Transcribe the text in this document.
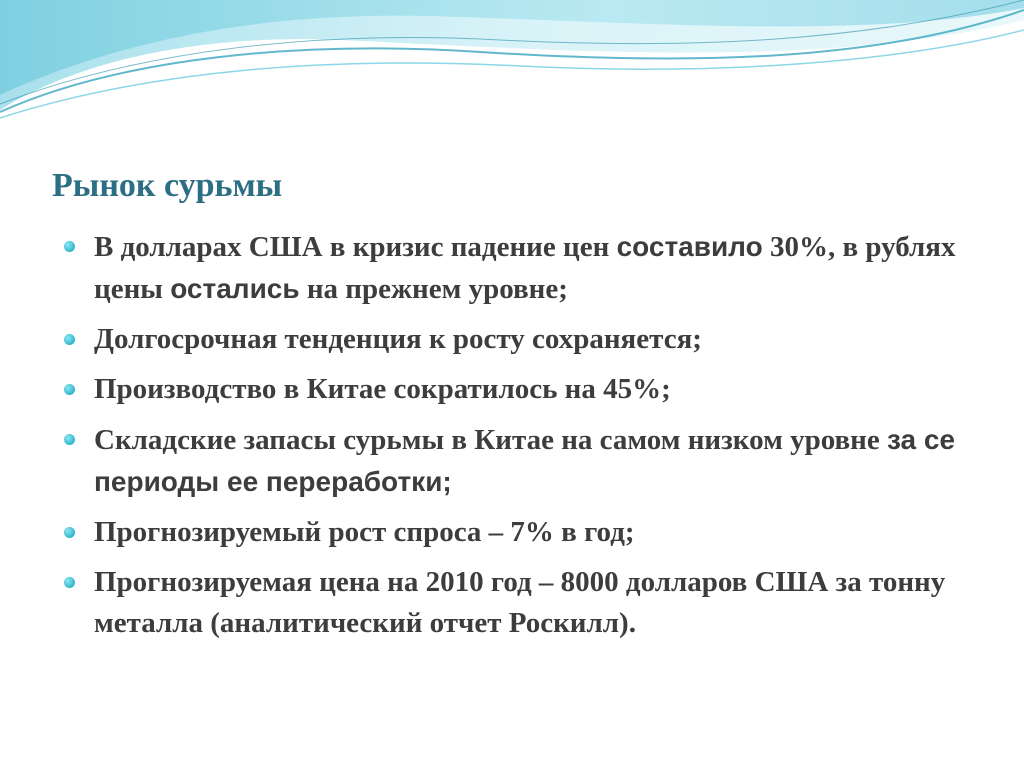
Рынок сурьмы
В долларах США в кризис падение цен составило 30%, в рублях цены остались на прежнем уровне;
Долгосрочная тенденция к росту сохраняется;
Производство в Китае сократилось на 45%;
Складские запасы сурьмы в Китае на самом низком уровне за се периоды ее переработки;
Прогнозируемый рост спроса – 7% в год;
Прогнозируемая цена на 2010 год – 8000 долларов США за тонну металла (аналитический отчет Роскилл).
